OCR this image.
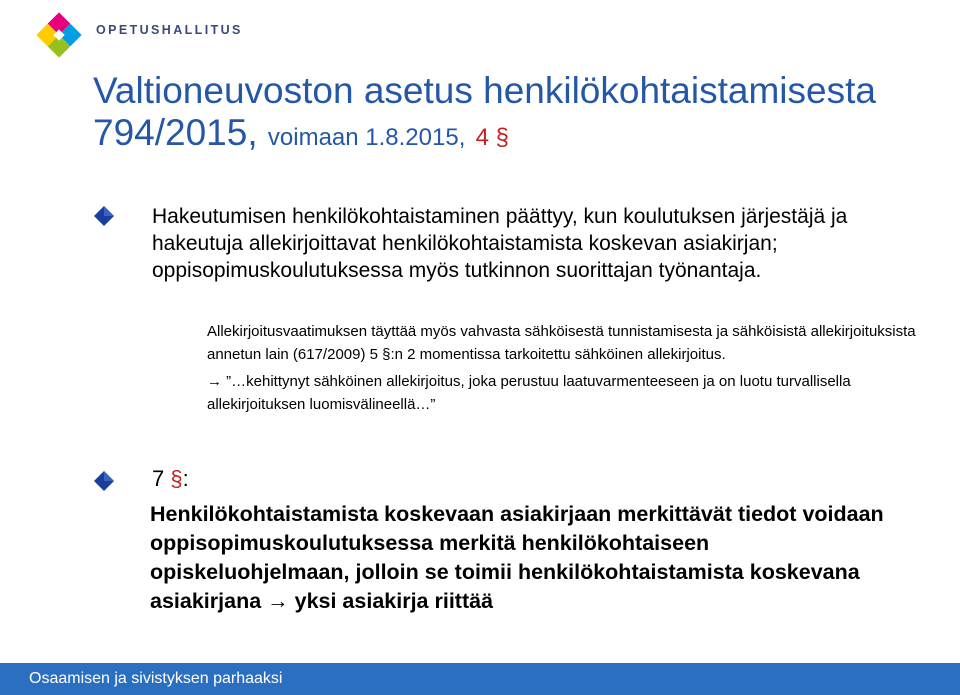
OPETUSHALLITUS
Valtioneuvoston asetus henkilökohtaistamisesta
794/2015, voimaan 1.8.2015, 4 §
Hakeutumisen henkilökohtaistaminen päättyy, kun koulutuksen järjestäjä ja hakeutuja allekirjoittavat henkilökohtaistamista koskevan asiakirjan; oppisopimuskoulutuksessa myös tutkinnon suorittajan työnantaja.

Allekirjoitusvaatimuksen täyttää myös vahvasta sähköisestä tunnistamisesta ja sähköisistä allekirjoituksista annetun lain (617/2009) 5 §:n 2 momentissa tarkoitettu sähköinen allekirjoitus.

→ ”…kehittynyt sähköinen allekirjoitus, joka perustuu laatuvarmenteeseen ja on luotu turvallisella allekirjoituksen luomisvälineellä…”

7 §:
Henkilökohtaistamista koskevaan asiakirjaan merkittävät tiedot voidaan oppisopimuskoulutuksessa merkitä henkilökohtaiseen opiskeluohjelmaan, jolloin se toimii henkilökohtaistamista koskevana asiakirjana → yksi asiakirja riittää
Osaamisen ja sivistyksen parhaaksi
